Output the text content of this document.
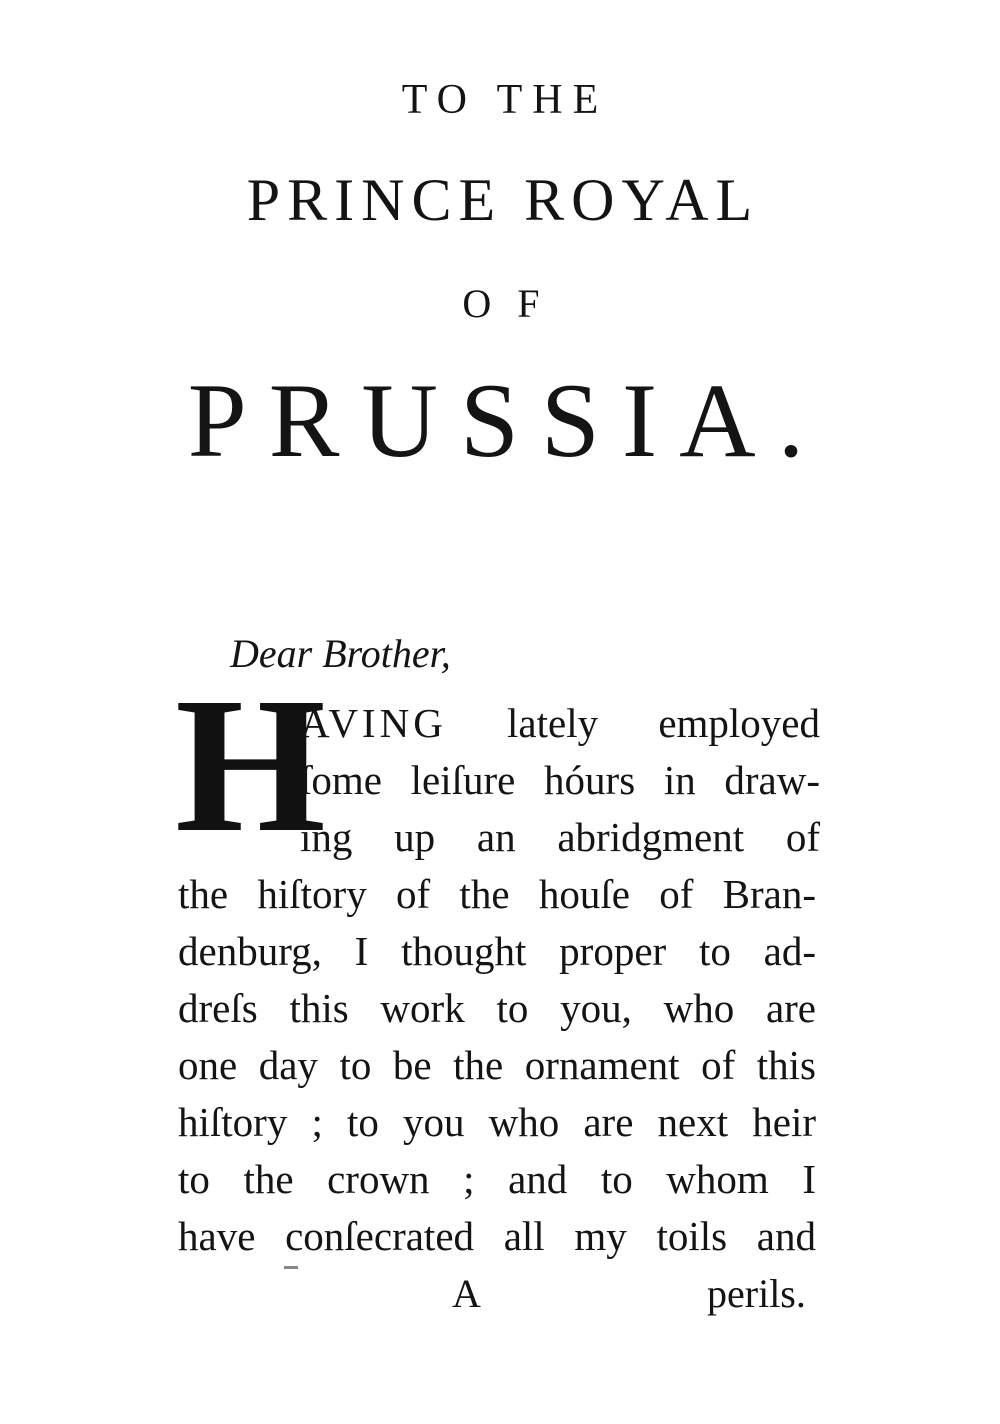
TO THE
PRINCE ROYAL
OF
PRUSSIA.
Dear Brother,
H
AVING lately employed
ſome leiſure hóurs in draw-
ing up an abridgment of
the hiſtory of the houſe of Bran-
denburg, I thought proper to ad-
dreſs this work to you, who are
one day to be the ornament of this
hiſtory ; to you who are next heir
to the crown ; and to whom I
have conſecrated all my toils and
A	perils.
